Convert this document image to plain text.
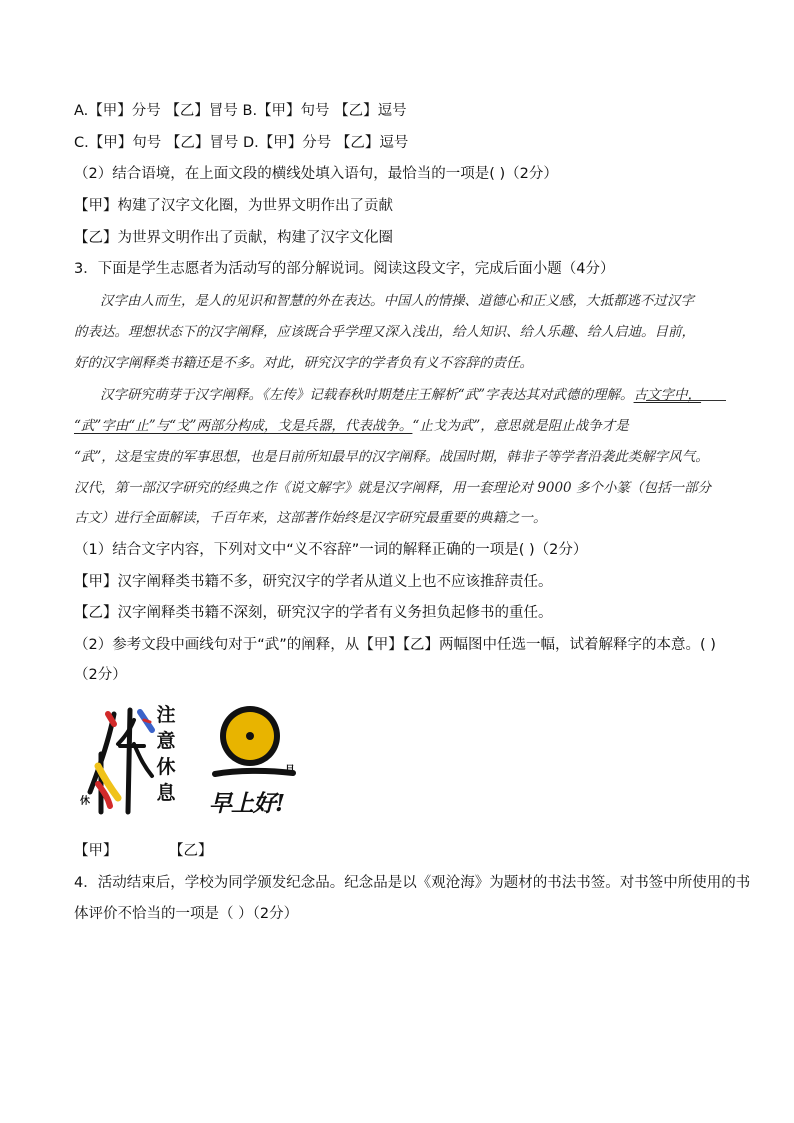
A.【甲】分号 【乙】冒号 B.【甲】句号 【乙】逗号
C.【甲】句号 【乙】冒号 D.【甲】分号 【乙】逗号
（2）结合语境，在上面文段的横线处填入语句，最恰当的一项是( )（2分）
【甲】构建了汉字文化圈，为世界文明作出了贡献
【乙】为世界文明作出了贡献，构建了汉字文化圈
3．下面是学生志愿者为活动写的部分解说词。阅读这段文字，完成后面小题（4分）
汉字由人而生，是人的见识和智慧的外在表达。中国人的情操、道德心和正义感，大抵都逃不过汉字
的表达。理想状态下的汉字阐释，应该既合乎学理又深入浅出，给人知识、给人乐趣、给人启迪。目前，
好的汉字阐释类书籍还是不多。对此，研究汉字的学者负有义不容辞的责任。
汉字研究萌芽于汉字阐释。《左传》记载春秋时期楚庄王解析“武”字表达其对武德的理解。古文字中，
“武”字由“止”与“戈”两部分构成，戈是兵器，代表战争。“止戈为武”，意思就是阻止战争才是
“武”，这是宝贵的军事思想，也是目前所知最早的汉字阐释。战国时期，韩非子等学者沿袭此类解字风气。
汉代，第一部汉字研究的经典之作《说文解字》就是汉字阐释，用一套理论对 9000 多个小篆（包括一部分
古文）进行全面解读，千百年来，这部著作始终是汉字研究最重要的典籍之一。
（1）结合文字内容，下列对文中“义不容辞”一词的解释正确的一项是( )（2分）
【甲】汉字阐释类书籍不多，研究汉字的学者从道义上也不应该推辞责任。
【乙】汉字阐释类书籍不深刻，研究汉字的学者有义务担负起修书的重任。
（2）参考文段中画线句对于“武”的阐释，从【甲】【乙】两幅图中任选一幅，试着解释字的本意。( )
（2分）
休
注
意
休
息
旦
早上好!
【甲】	【乙】
4．活动结束后，学校为同学颁发纪念品。纪念品是以《观沧海》为题材的书法书签。对书签中所使用的书
体评价不恰当的一项是（ ）（2分）
